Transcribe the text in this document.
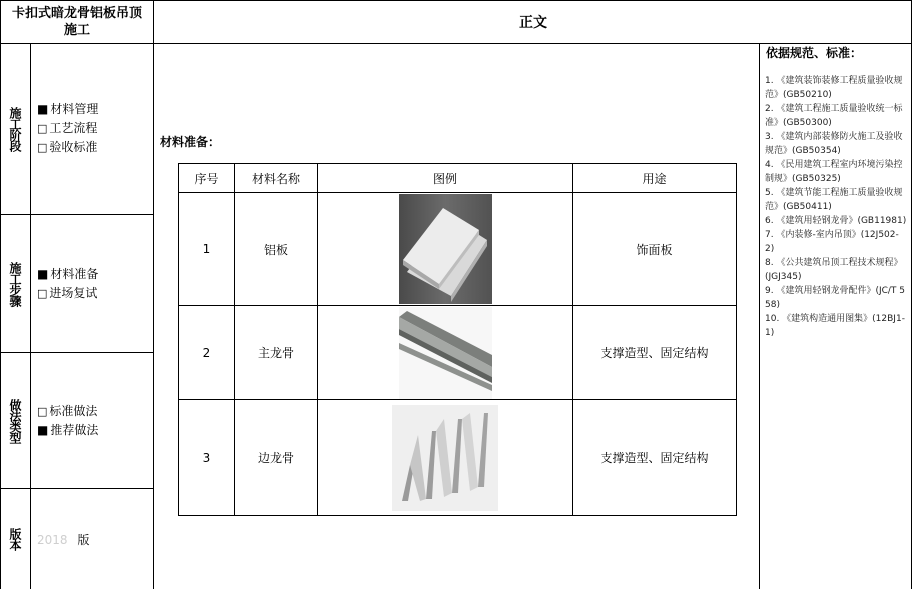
卡扣式暗龙骨铝板吊顶施工	正文
施工阶段 ■ 材料管理
□ 工艺流程
□ 验收标准
施工步骤 ■ 材料准备
□ 进场复试
做法类型 □ 标准做法
■ 推荐做法
版本 2018 版
材料准备：
序号	材料名称	图例	用途
1	铝板		饰面板
2	主龙骨		支撑造型、固定结构
3	边龙骨		支撑造型、固定结构
依据规范、标准：

1. 《建筑装饰装修工程质量验收规范》(GB50210)

2. 《建筑工程施工质量验收统一标准》(GB50300)

3. 《建筑内部装修防火施工及验收规范》(GB50354)

4. 《民用建筑工程室内环境污染控制规》(GB50325)

5. 《建筑节能工程施工质量验收规范》(GB50411)

6. 《建筑用轻钢龙骨》(GB11981)

7. 《内装修-室内吊顶》(12J502-2)

8. 《公共建筑吊顶工程技术规程》(JGJ345)

9. 《建筑用轻钢龙骨配件》(JC/T 558)

10. 《建筑构造通用图集》(12BJ1-1)
